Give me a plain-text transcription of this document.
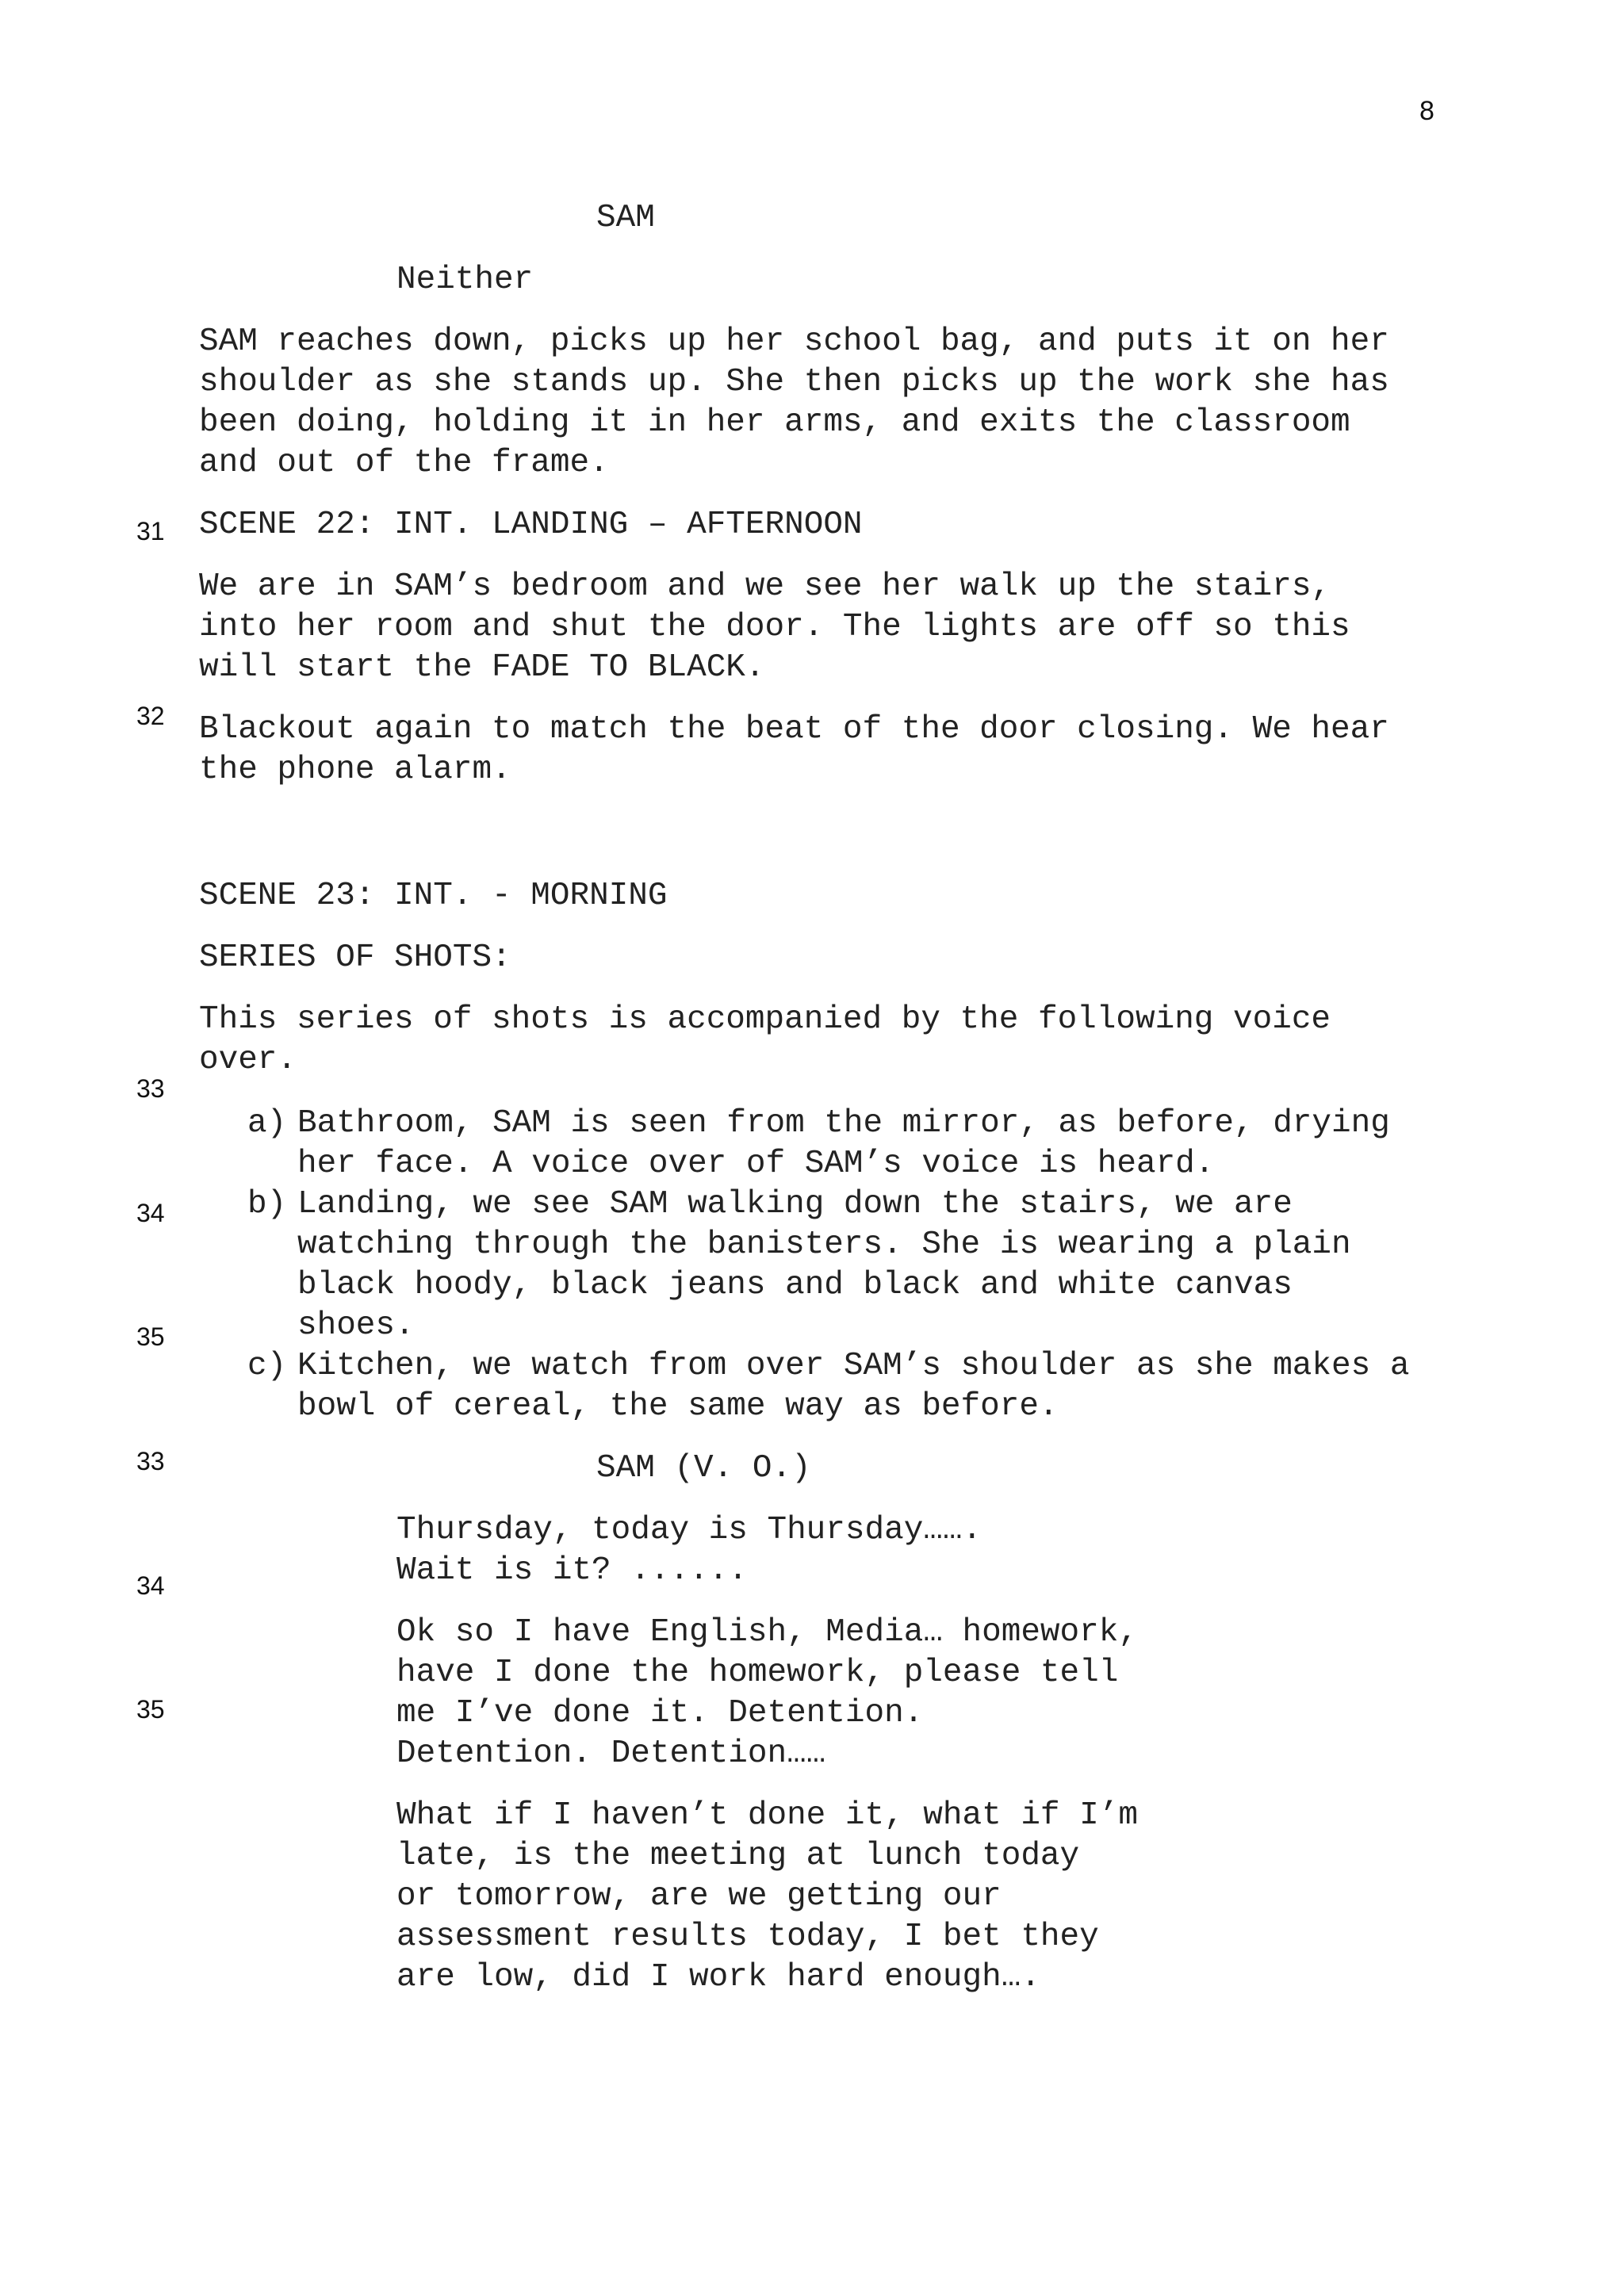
8
31
32
33
34
35
33
34
35
SAM
Neither
SAM reaches down, picks up her school bag, and puts it on her
shoulder as she stands up. She then picks up the work she has
been doing, holding it in her arms, and exits the classroom
and out of the frame.
SCENE 22: INT. LANDING – AFTERNOON
We are in SAM’s bedroom and we see her walk up the stairs,
into her room and shut the door. The lights are off so this
will start the FADE TO BLACK.
Blackout again to match the beat of the door closing. We hear
the phone alarm.
SCENE 23: INT. - MORNING
SERIES OF SHOTS:
This series of shots is accompanied by the following voice
over.
a) Bathroom, SAM is seen from the mirror, as before, drying
her face. A voice over of SAM’s voice is heard.
b) Landing, we see SAM walking down the stairs, we are
watching through the banisters. She is wearing a plain
black hoody, black jeans and black and white canvas
shoes.
c) Kitchen, we watch from over SAM’s shoulder as she makes a
bowl of cereal, the same way as before.
SAM (V. O.)
Thursday, today is Thursday…….
Wait is it? ......
Ok so I have English, Media… homework,
have I done the homework, please tell
me I’ve done it. Detention.
Detention. Detention……
What if I haven’t done it, what if I’m
late, is the meeting at lunch today
or tomorrow, are we getting our
assessment results today, I bet they
are low, did I work hard enough….
